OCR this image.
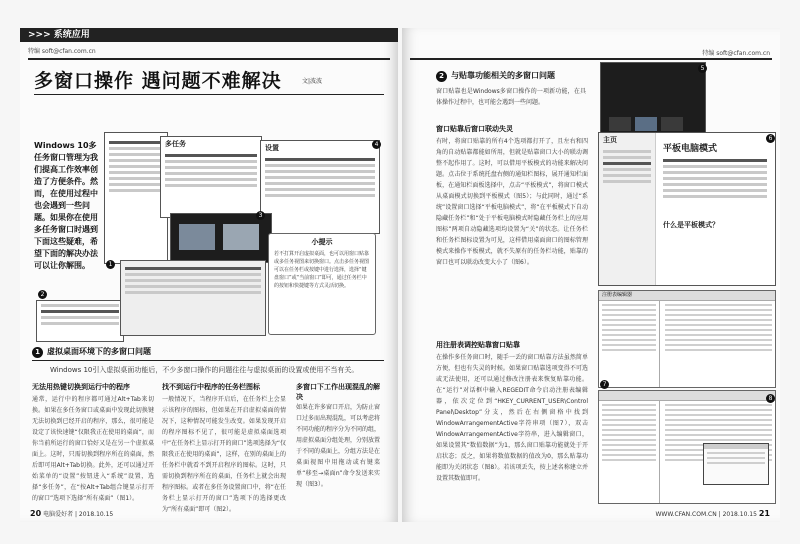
>>> 系统应用
特编 soft@cfan.com.cn
多窗口操作 遇问题不难解决	文|波波
Windows 10多任务窗口管理为我们提高工作效率创造了方便条件。然而，在使用过程中也会遇到一些问题。如果你在使用多任务窗口时遇到下面这些疑难，希望下面的解决办法可以让你解围。
多任务	设置
1
2
3
4
小提示
若不打算开启虚拟桌面，也可以用窗口贴靠或多任务视图来切换窗口。点击多任务视图可以在任务栏或按键中进行选择，选择“键盘窗口”或“当前窗口”即可，通过任务栏中的按钮和快捷键等方式灵活切换。
1 虚拟桌面环境下的多窗口问题
Windows 10引入虚拟桌面功能后，不少多窗口操作的问题往往与虚拟桌面的设置或使用不当有关。
无法用热键切换到运行中的程序
通常，运行中的程序都可通过Alt+Tab来切换。如果在多任务窗口或桌面中发现此切换键无法切换到已经开启的程序，那么，很可能是设定了该快速键“仅限我正在使用的桌面”，而你当前所运行的窗口恰好又是在另一个虚拟桌面上。这时，只需切换到程序所在的桌面，然后即可用Alt+Tab切换。此外，还可以通过开始菜单的“设置”按钮进入“系统”设置，选择“多任务”，在“按Alt+Tab组合键显示打开的窗口”选项下选择“所有桌面”（图1）。
找不到运行中程序的任务栏图标
一般情况下，当程序开启后，在任务栏上会显示该程序的图标，但如果在开启虚拟桌面的情况下，这种情况可能发生改变。如果发现开启的程序图标不见了，很可能是虚拟桌面选项中“在任务栏上显示打开的窗口”选项选择为“仅限我正在使用的桌面”，这样，在别的桌面上的任务栏中就看不到开启程序的图标。这时，只需切换到程序所在的桌面，任务栏上就会出现程序图标。或者在多任务设置窗口中，将“在任务栏上显示打开的窗口”选项下的选择更改为“所有桌面”即可（图2）。
多窗口下工作出现混乱的解决
如果在许多窗口开启，为防止窗口过多而出现混乱，可以考虑将不同功能的程序分为不同的组，用虚拟桌面分组处理，分别放置于不同的桌面上，分组方法是在桌面视图中用拖动或右键菜单“移至→桌面n”命令发送来实现（图3）。
20 电脑爱好者 | 2018.10.15
特编 soft@cfan.com.cn
2 与贴靠功能相关的多窗口问题
窗口贴靠也是Windows多窗口操作的一项新功能，在具体操作过程中，也可能会遇到一些问题。
窗口贴靠后窗口联动失灵
有时，将窗口贴靠的所有4个选项都打开了，且左右和四角的自动贴靠都能如所用，但就是贴靠窗口大小的联动调整不起作用了。这时，可以借用平板模式的功能来解决问题。点击位于系统托盘右侧的通知栏图标，展开通知栏面板，在通知栏面板选择中，点击“平板模式”，将窗口模式从桌面模式切换到平板模式（图5）；与此同时，通过“系统”设置窗口选择“平板电脑模式”，将“在平板模式下自动隐藏任务栏”和“处于平板电脑模式时隐藏任务栏上的应用图标”两项自动隐藏选项均设置为“关”的状态。让任务栏和任务栏图标设置为可见，这样借用桌面窗口的图标管理模式来操作平板模式，就不失原有的任务栏功能，贴靠的窗口也可以联动改变大小了（图6）。
用注册表调控贴靠窗口贴靠
在操作多任务窗口时，随手一丢的窗口贴靠方法虽然简单方便，但也有失灵的时候。如果窗口贴靠选项变得不可选或无法使用，还可以通过修改注册表来恢复贴靠功能。在“运行”对话框中输入REGEDIT命令启动注册表编辑器，依次定位到“HKEY_CURRENT_USER\Control Panel\Desktop”分支，然后在右侧窗格中找到WindowArrangementActive字符串项（图7），双击WindowArrangementActive字符串，进入编辑窗口，如果设置其“数值数据”为1，那么窗口贴靠功能就处于开启状态；反之，如果将数值数据的值改为0，那么贴靠功能即为关闭状态（图8）。若该项丢失，按上述名称建立并设置其数值即可。
主页
平板电脑模式
什么是平板模式？
注册表编辑器
5
6
7
8
WWW.CFAN.COM.CN | 2018.10.15 21
